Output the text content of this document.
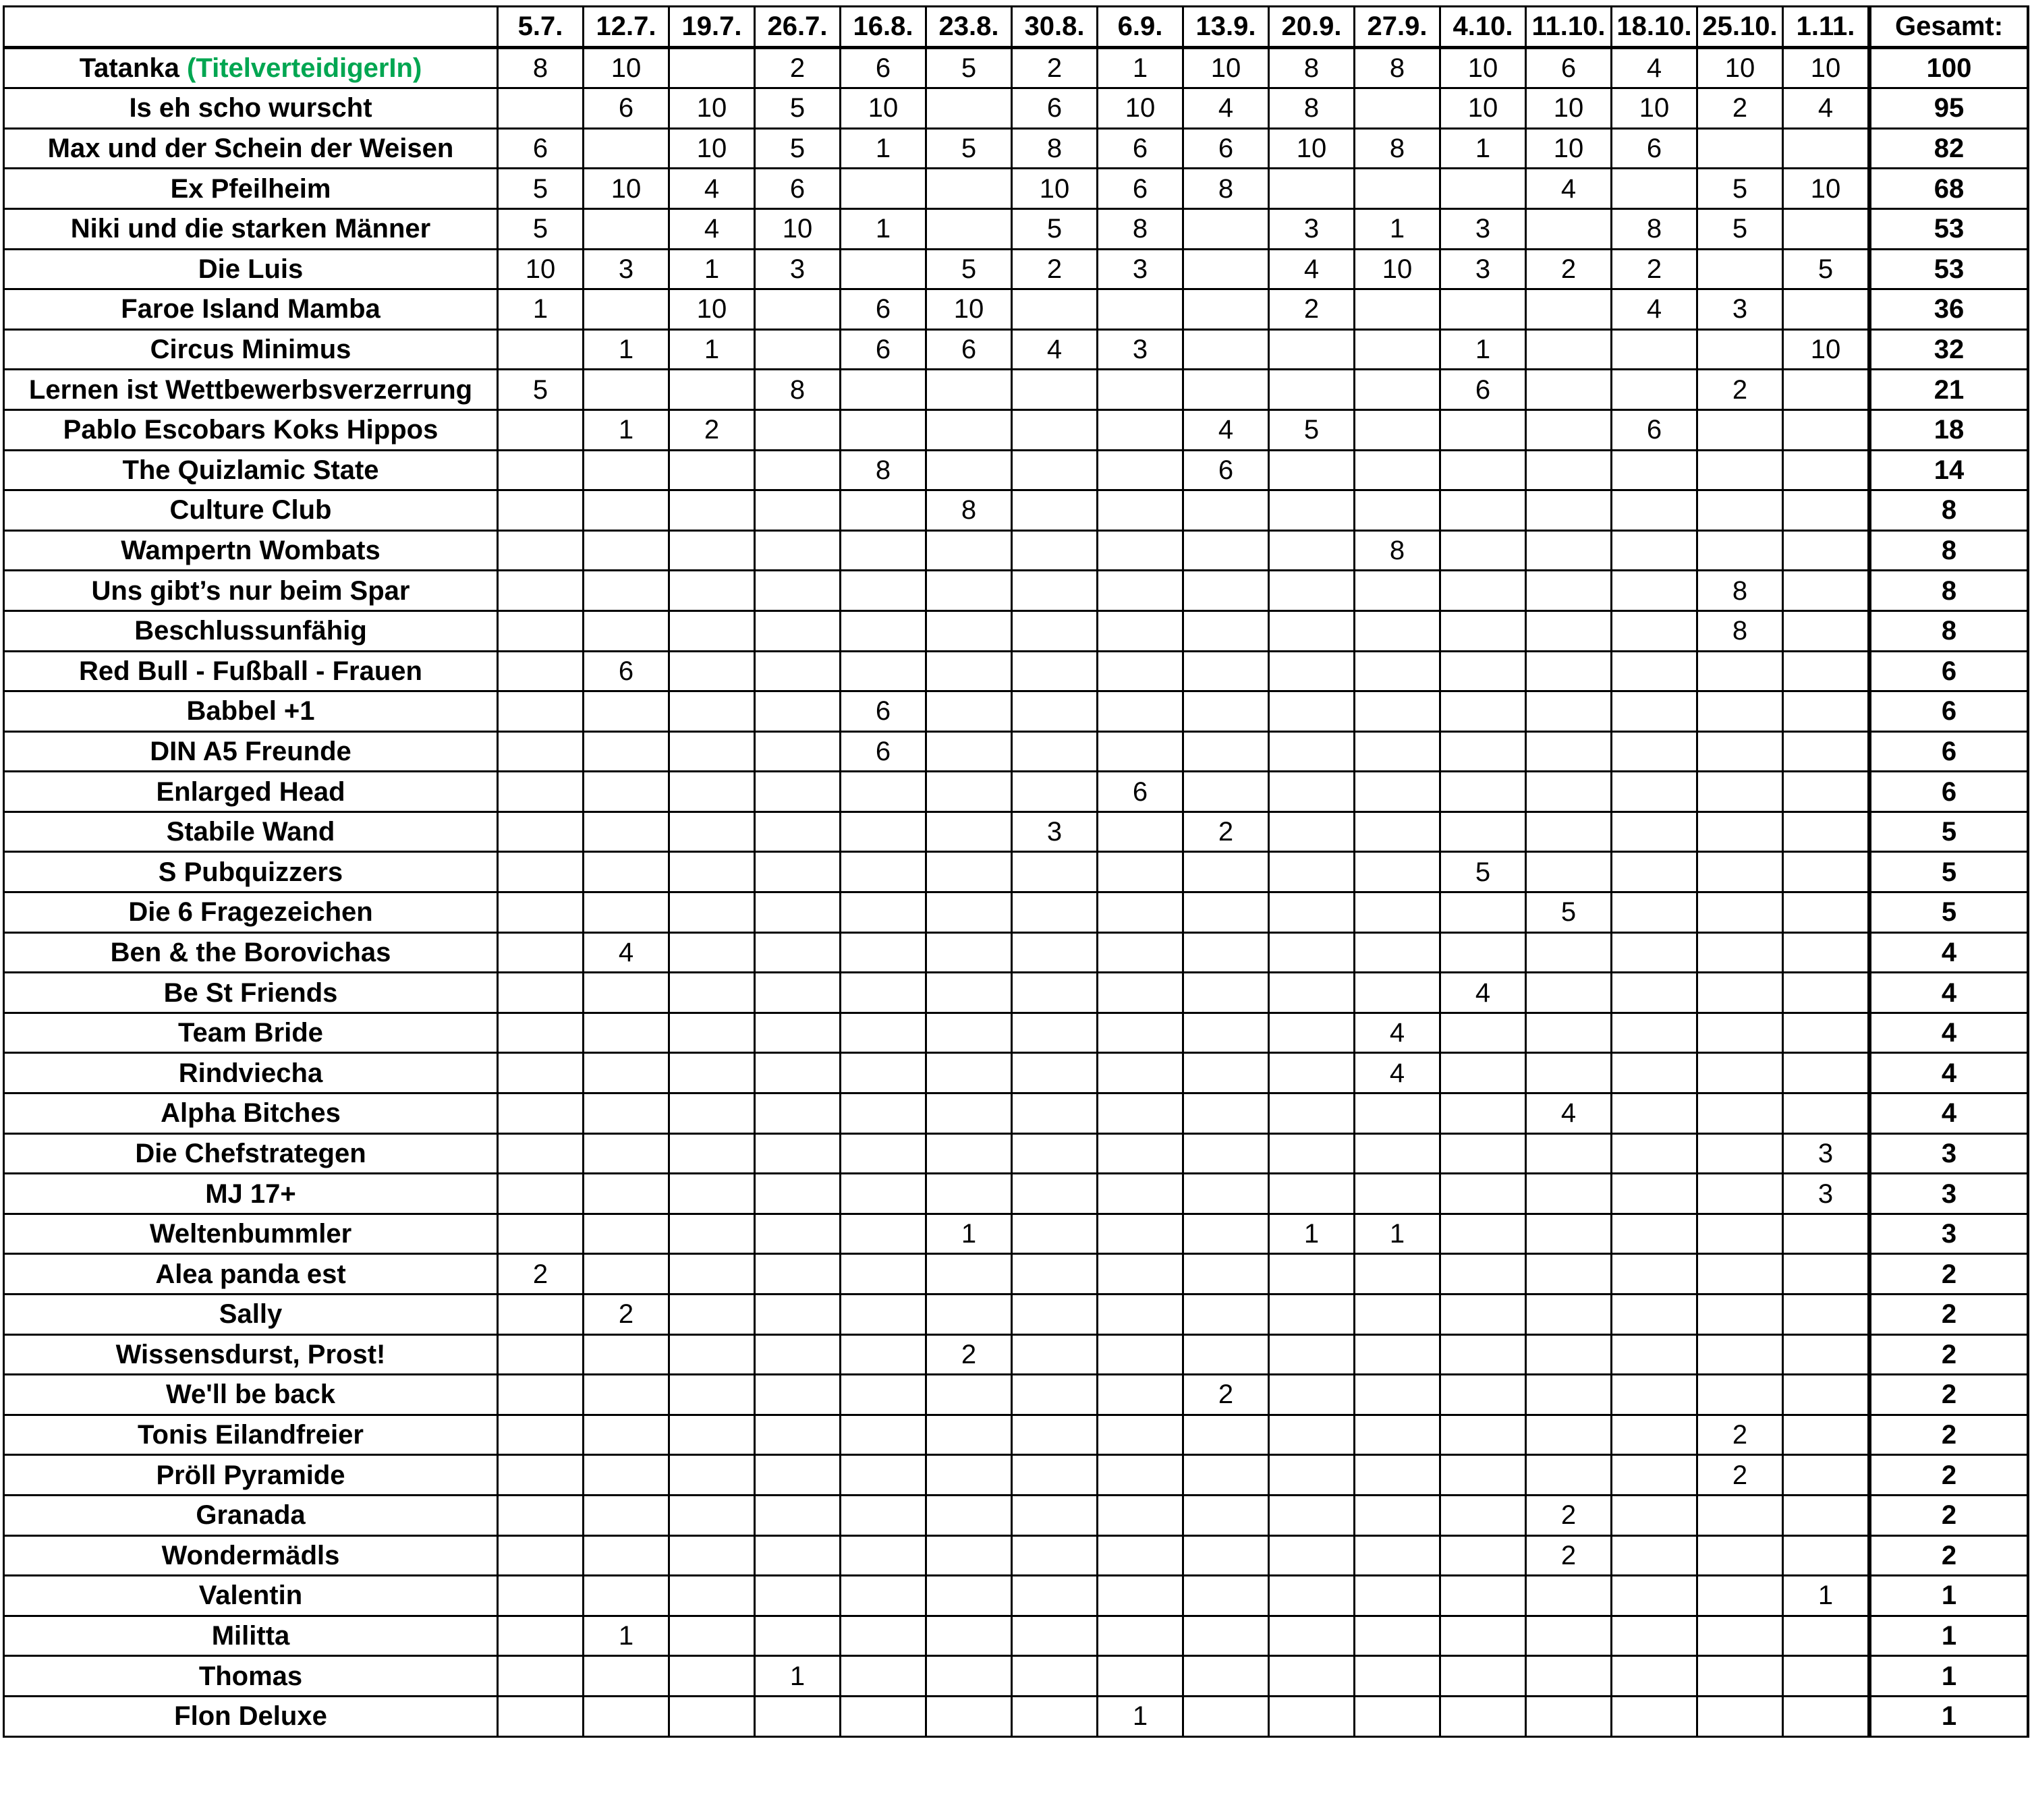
	5.7.	12.7.	19.7.	26.7.	16.8.	23.8.	30.8.	6.9.	13.9.	20.9.	27.9.	4.10.	11.10.	18.10.	25.10.	1.11.	Gesamt:
Tatanka (TitelverteidigerIn)	8	10		2	6	5	2	1	10	8	8	10	6	4	10	10	100
Is eh scho wurscht		6	10	5	10		6	10	4	8		10	10	10	2	4	95
Max und der Schein der Weisen	6		10	5	1	5	8	6	6	10	8	1	10	6			82
Ex Pfeilheim	5	10	4	6			10	6	8				4		5	10	68
Niki und die starken Männer	5		4	10	1		5	8		3	1	3		8	5		53
Die Luis	10	3	1	3		5	2	3		4	10	3	2	2		5	53
Faroe Island Mamba	1		10		6	10				2				4	3		36
Circus Minimus		1	1		6	6	4	3				1				10	32
Lernen ist Wettbewerbsverzerrung	5			8								6			2		21
Pablo Escobars Koks Hippos		1	2						4	5				6			18
The Quizlamic State					8				6								14
Culture Club						8											8
Wampertn Wombats											8						8
Uns gibt’s nur beim Spar															8		8
Beschlussunfähig															8		8
Red Bull - Fußball - Frauen		6															6
Babbel +1					6												6
DIN A5 Freunde					6												6
Enlarged Head								6									6
Stabile Wand							3		2								5
S Pubquizzers												5					5
Die 6 Fragezeichen													5				5
Ben & the Borovichas		4															4
Be St Friends												4					4
Team Bride											4						4
Rindviecha											4						4
Alpha Bitches													4				4
Die Chefstrategen																3	3
MJ 17+																3	3
Weltenbummler						1				1	1						3
Alea panda est	2																2
Sally		2															2
Wissensdurst, Prost!						2											2
We'll be back									2								2
Tonis Eilandfreier															2		2
Pröll Pyramide															2		2
Granada													2				2
Wondermädls													2				2
Valentin																1	1
Militta		1															1
Thomas				1													1
Flon Deluxe								1									1
